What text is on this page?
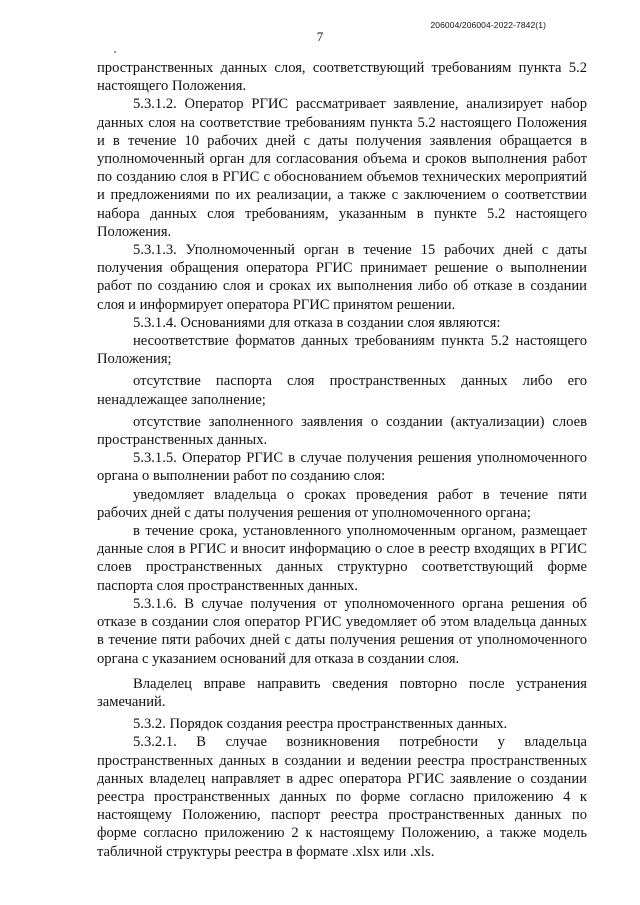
7
206004/206004-2022-7842(1)

пространственных данных слоя, соответствующий требованиям пункта 5.2 настоящего Положения.

5.3.1.2. Оператор РГИС рассматривает заявление, анализирует набор данных слоя на соответствие требованиям пункта 5.2 настоящего Положения и в течение 10 рабочих дней с даты получения заявления обращается в уполномоченный орган для согласования объема и сроков выполнения работ по созданию слоя в РГИС с обоснованием объемов технических мероприятий и предложениями по их реализации, а также с заключением о соответствии набора данных слоя требованиям, указанным в пункте 5.2 настоящего Положения.

5.3.1.3. Уполномоченный орган в течение 15 рабочих дней с даты получения обращения оператора РГИС принимает решение о выполнении работ по созданию слоя и сроках их выполнения либо об отказе в создании слоя и информирует оператора РГИС принятом решении.

5.3.1.4. Основаниями для отказа в создании слоя являются:

несоответствие форматов данных требованиям пункта 5.2 настоящего Положения;

отсутствие паспорта слоя пространственных данных либо его ненадлежащее заполнение;

отсутствие заполненного заявления о создании (актуализации) слоев пространственных данных.

5.3.1.5. Оператор РГИС в случае получения решения уполномоченного органа о выполнении работ по созданию слоя:

уведомляет владельца о сроках проведения работ в течение пяти рабочих дней с даты получения решения от уполномоченного органа;

в течение срока, установленного уполномоченным органом, размещает данные слоя в РГИС и вносит информацию о слое в реестр входящих в РГИС слоев пространственных данных структурно соответствующий форме паспорта слоя пространственных данных.

5.3.1.6. В случае получения от уполномоченного органа решения об отказе в создании слоя оператор РГИС уведомляет об этом владельца данных в течение пяти рабочих дней с даты получения решения от уполномоченного органа с указанием оснований для отказа в создании слоя.

Владелец вправе направить сведения повторно после устранения замечаний.

5.3.2. Порядок создания реестра пространственных данных.

5.3.2.1. В случае возникновения потребности у владельца пространственных данных в создании и ведении реестра пространственных данных владелец направляет в адрес оператора РГИС заявление о создании реестра пространственных данных по форме согласно приложению 4 к настоящему Положению, паспорт реестра пространственных данных по форме согласно приложению 2 к настоящему Положению, а также модель табличной структуры реестра в формате .xlsx или .xls.
